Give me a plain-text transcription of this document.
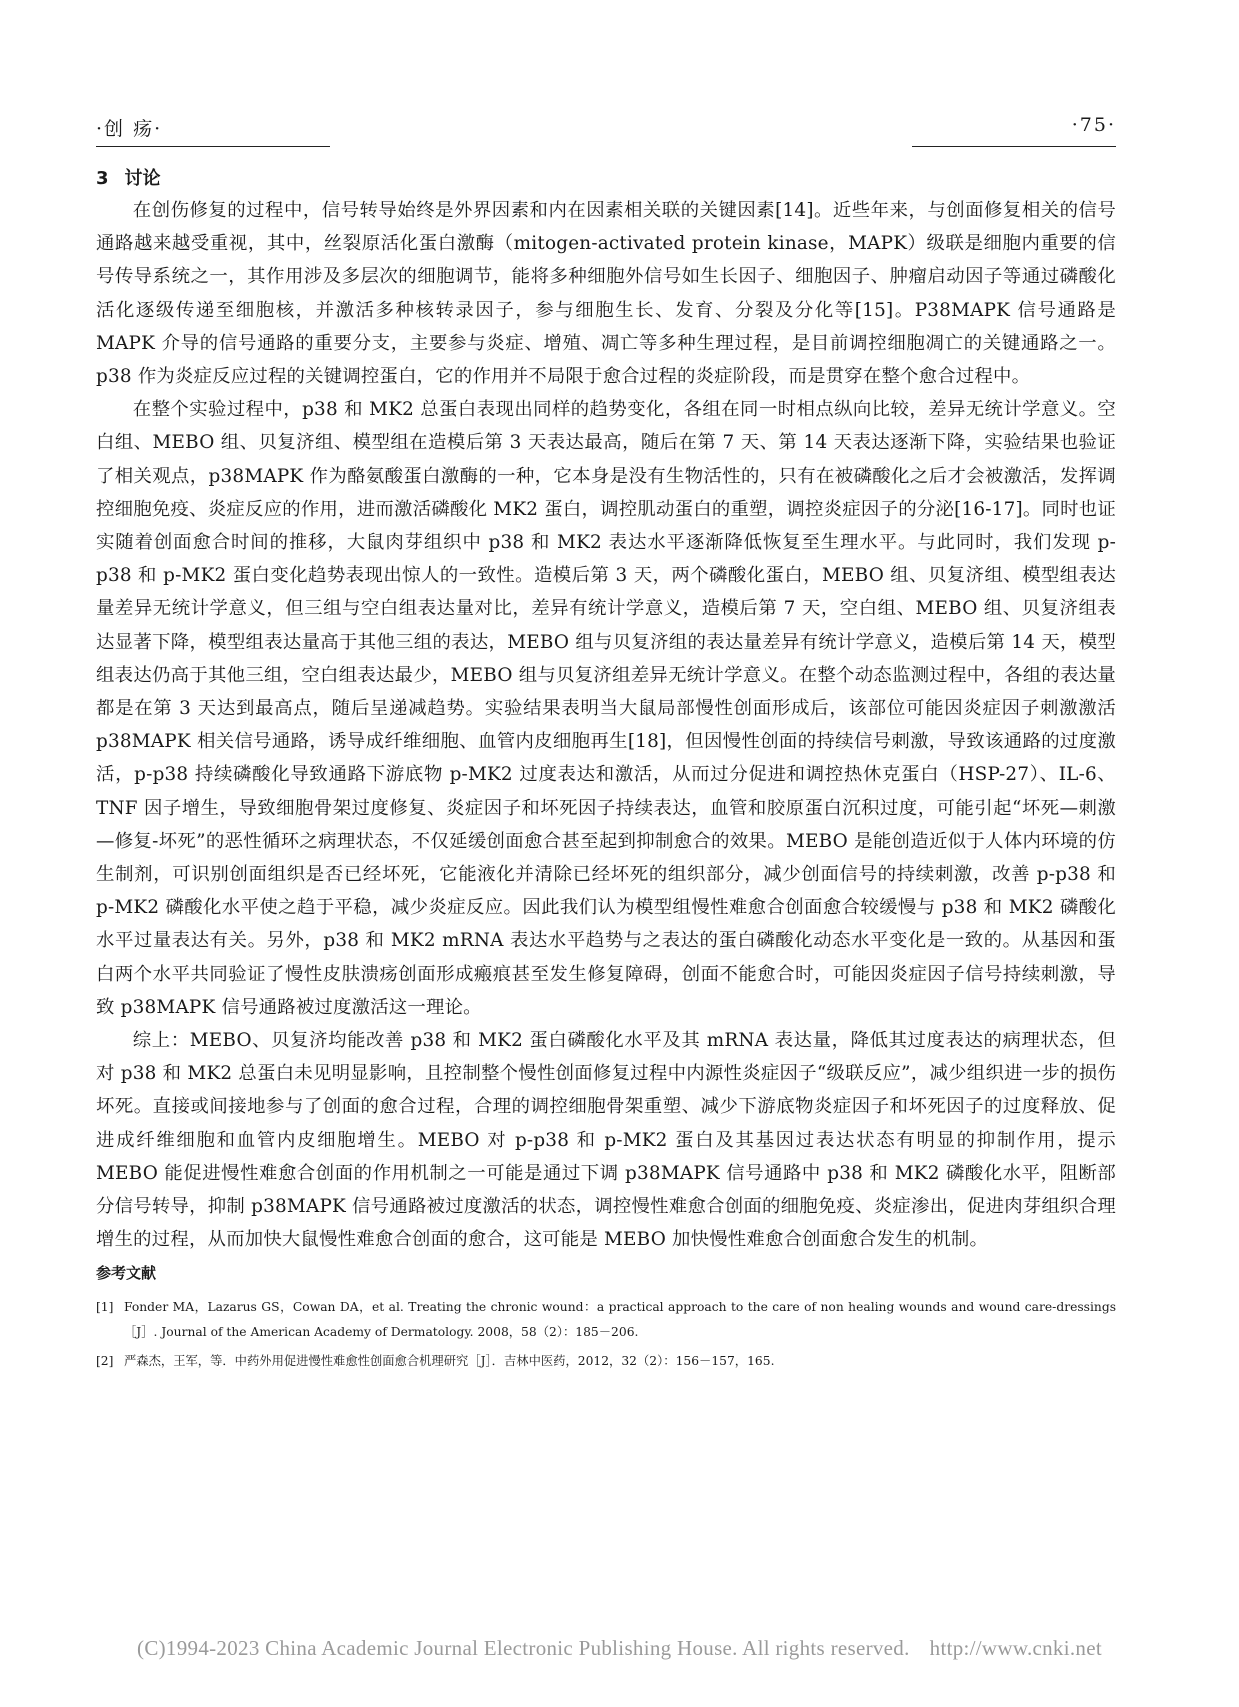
·创 疡·	·75·
3 讨论

在创伤修复的过程中，信号转导始终是外界因素和内在因素相关联的关键因素[14]。近些年来，与创面修复相关的信号通路越来越受重视，其中，丝裂原活化蛋白激酶（mitogen-activated protein kinase，MAPK）级联是细胞内重要的信号传导系统之一，其作用涉及多层次的细胞调节，能将多种细胞外信号如生长因子、细胞因子、肿瘤启动因子等通过磷酸化活化逐级传递至细胞核，并激活多种核转录因子，参与细胞生长、发育、分裂及分化等[15]。P38MAPK 信号通路是 MAPK 介导的信号通路的重要分支，主要参与炎症、增殖、凋亡等多种生理过程，是目前调控细胞凋亡的关键通路之一。p38 作为炎症反应过程的关键调控蛋白，它的作用并不局限于愈合过程的炎症阶段，而是贯穿在整个愈合过程中。

在整个实验过程中，p38 和 MK2 总蛋白表现出同样的趋势变化，各组在同一时相点纵向比较，差异无统计学意义。空白组、MEBO 组、贝复济组、模型组在造模后第 3 天表达最高，随后在第 7 天、第 14 天表达逐渐下降，实验结果也验证了相关观点，p38MAPK 作为酪氨酸蛋白激酶的一种，它本身是没有生物活性的，只有在被磷酸化之后才会被激活，发挥调控细胞免疫、炎症反应的作用，进而激活磷酸化 MK2 蛋白，调控肌动蛋白的重塑，调控炎症因子的分泌[16-17]。同时也证实随着创面愈合时间的推移，大鼠肉芽组织中 p38 和 MK2 表达水平逐渐降低恢复至生理水平。与此同时，我们发现 p-p38 和 p-MK2 蛋白变化趋势表现出惊人的一致性。造模后第 3 天，两个磷酸化蛋白，MEBO 组、贝复济组、模型组表达量差异无统计学意义，但三组与空白组表达量对比，差异有统计学意义，造模后第 7 天，空白组、MEBO 组、贝复济组表达显著下降，模型组表达量高于其他三组的表达，MEBO 组与贝复济组的表达量差异有统计学意义，造模后第 14 天，模型组表达仍高于其他三组，空白组表达最少，MEBO 组与贝复济组差异无统计学意义。在整个动态监测过程中，各组的表达量都是在第 3 天达到最高点，随后呈递减趋势。实验结果表明当大鼠局部慢性创面形成后，该部位可能因炎症因子刺激激活 p38MAPK 相关信号通路，诱导成纤维细胞、血管内皮细胞再生[18]，但因慢性创面的持续信号刺激，导致该通路的过度激活，p-p38 持续磷酸化导致通路下游底物 p-MK2 过度表达和激活，从而过分促进和调控热休克蛋白（HSP-27）、IL-6、TNF 因子增生，导致细胞骨架过度修复、炎症因子和坏死因子持续表达，血管和胶原蛋白沉积过度，可能引起“坏死—刺激—修复-坏死”的恶性循环之病理状态，不仅延缓创面愈合甚至起到抑制愈合的效果。MEBO 是能创造近似于人体内环境的仿生制剂，可识别创面组织是否已经坏死，它能液化并清除已经坏死的组织部分，减少创面信号的持续刺激，改善 p-p38 和 p-MK2 磷酸化水平使之趋于平稳，减少炎症反应。因此我们认为模型组慢性难愈合创面愈合较缓慢与 p38 和 MK2 磷酸化水平过量表达有关。另外，p38 和 MK2 mRNA 表达水平趋势与之表达的蛋白磷酸化动态水平变化是一致的。从基因和蛋白两个水平共同验证了慢性皮肤溃疡创面形成瘢痕甚至发生修复障碍，创面不能愈合时，可能因炎症因子信号持续刺激，导致 p38MAPK 信号通路被过度激活这一理论。

综上：MEBO、贝复济均能改善 p38 和 MK2 蛋白磷酸化水平及其 mRNA 表达量，降低其过度表达的病理状态，但对 p38 和 MK2 总蛋白未见明显影响，且控制整个慢性创面修复过程中内源性炎症因子“级联反应”，减少组织进一步的损伤坏死。直接或间接地参与了创面的愈合过程，合理的调控细胞骨架重塑、减少下游底物炎症因子和坏死因子的过度释放、促进成纤维细胞和血管内皮细胞增生。MEBO 对 p-p38 和 p-MK2 蛋白及其基因过表达状态有明显的抑制作用，提示 MEBO 能促进慢性难愈合创面的作用机制之一可能是通过下调 p38MAPK 信号通路中 p38 和 MK2 磷酸化水平，阻断部分信号转导，抑制 p38MAPK 信号通路被过度激活的状态，调控慢性难愈合创面的细胞免疫、炎症渗出，促进肉芽组织合理增生的过程，从而加快大鼠慢性难愈合创面的愈合，这可能是 MEBO 加快慢性难愈合创面愈合发生的机制。

参考文献
[1] Fonder MA，Lazarus GS，Cowan DA，et al. Treating the chronic wound：a practical approach to the care of non healing wounds and wound care-dressings［J］. Journal of the American Academy of Dermatology. 2008，58（2）：185－206.
[2] 严森杰，王军，等．中药外用促进慢性难愈性创面愈合机理研究［J］．吉林中医药，2012，32（2）：156－157，165.
(C)1994-2023 China Academic Journal Electronic Publishing House. All rights reserved. http://www.cnki.net
